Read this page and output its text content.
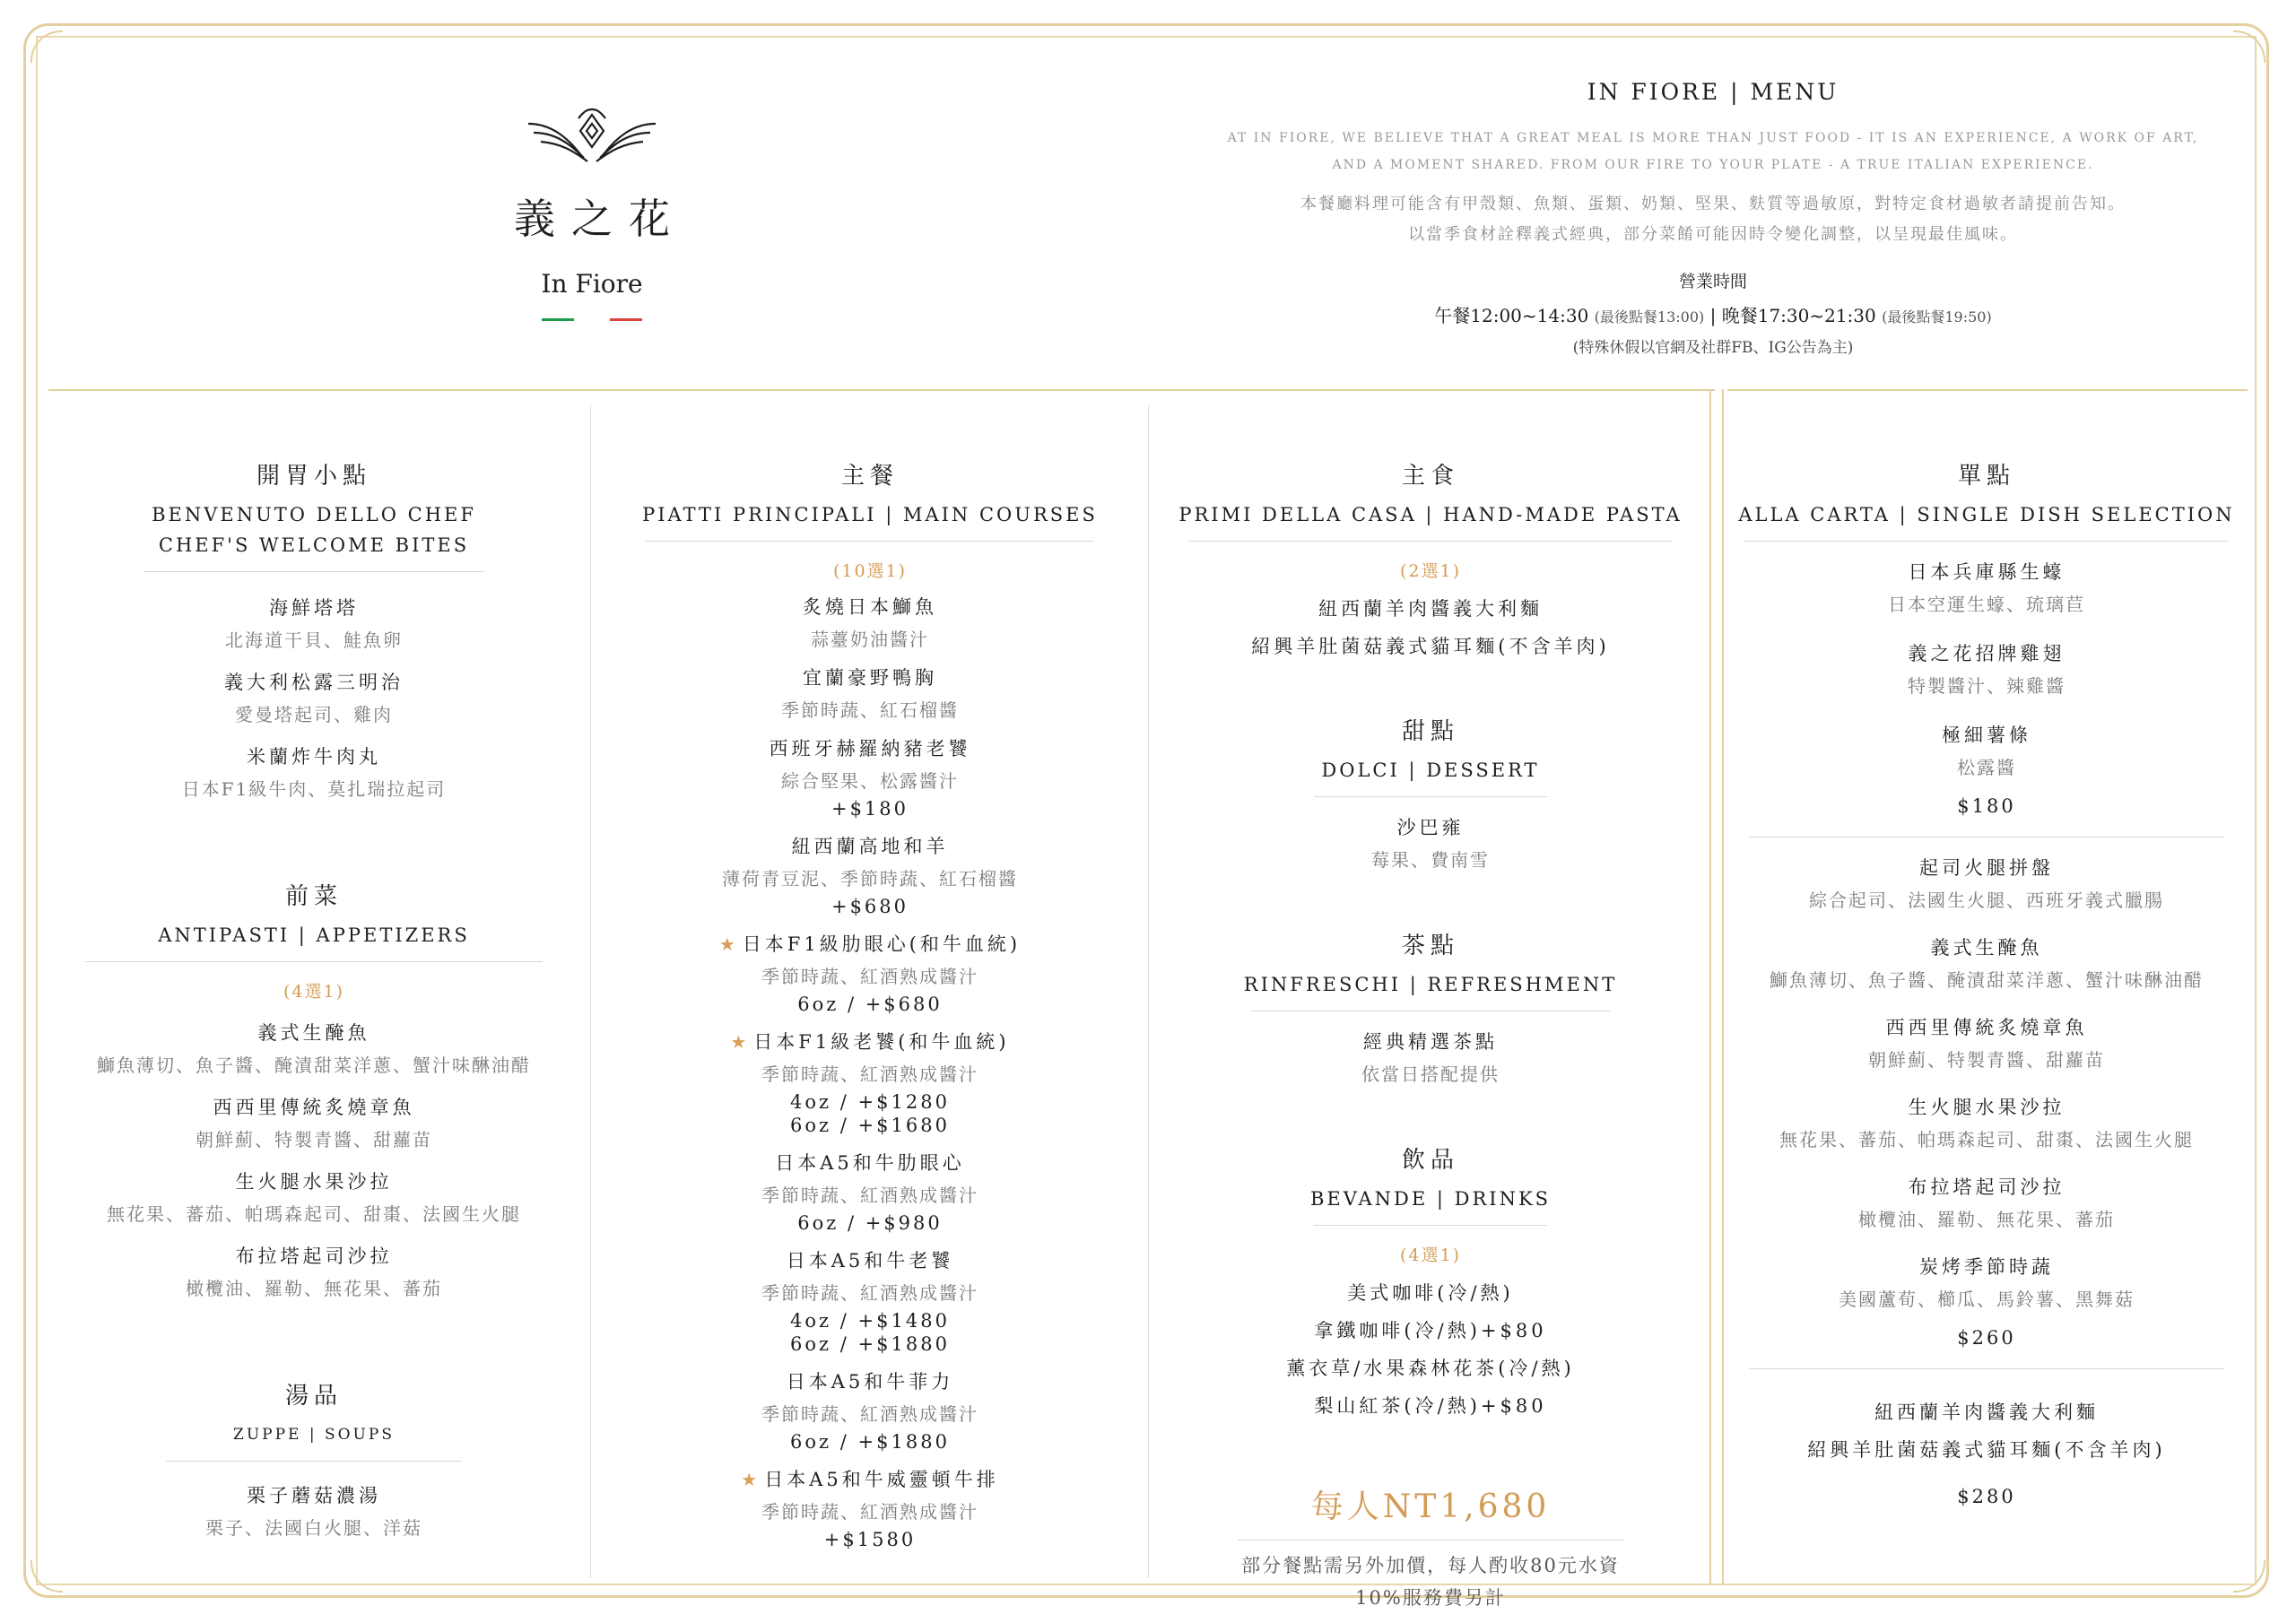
義之花
In Fiore
IN FIORE | MENU
AT IN FIORE, WE BELIEVE THAT A GREAT MEAL IS MORE THAN JUST FOOD - IT IS AN EXPERIENCE, A WORK OF ART,
AND A MOMENT SHARED. FROM OUR FIRE TO YOUR PLATE - A TRUE ITALIAN EXPERIENCE.
本餐廳料理可能含有甲殼類、魚類、蛋類、奶類、堅果、麩質等過敏原，對特定食材過敏者請提前告知。
以當季食材詮釋義式經典，部分菜餚可能因時令變化調整，以呈現最佳風味。
營業時間
午餐12:00~14:30 (最後點餐13:00) | 晚餐17:30~21:30 (最後點餐19:50)
(特殊休假以官網及社群FB、IG公告為主)
開胃小點
BENVENUTO DELLO CHEF
CHEF'S WELCOME BITES
海鮮塔塔
北海道干貝、鮭魚卵
義大利松露三明治
愛曼塔起司、雞肉
米蘭炸牛肉丸
日本F1級牛肉、莫扎瑞拉起司
前菜
ANTIPASTI | APPETIZERS
(4選1)
義式生醃魚
鰤魚薄切、魚子醬、醃漬甜菜洋蔥、蟹汁味醂油醋
西西里傳統炙燒章魚
朝鮮薊、特製青醬、甜蘿苗
生火腿水果沙拉
無花果、蕃茄、帕瑪森起司、甜棗、法國生火腿
布拉塔起司沙拉
橄欖油、羅勒、無花果、蕃茄
湯品
ZUPPE | SOUPS
栗子蘑菇濃湯
栗子、法國白火腿、洋菇
主餐
PIATTI PRINCIPALI | MAIN COURSES
(10選1)
炙燒日本鰤魚
蒜薹奶油醬汁
宜蘭豪野鴨胸
季節時蔬、紅石榴醬
西班牙赫羅納豬老饕
綜合堅果、松露醬汁
+$180
紐西蘭高地和羊
薄荷青豆泥、季節時蔬、紅石榴醬
+$680
★ 日本F1級肋眼心(和牛血統)
季節時蔬、紅酒熟成醬汁
6oz / +$680
★ 日本F1級老饕(和牛血統)
季節時蔬、紅酒熟成醬汁
4oz / +$1280
6oz / +$1680
日本A5和牛肋眼心
季節時蔬、紅酒熟成醬汁
6oz / +$980
日本A5和牛老饕
季節時蔬、紅酒熟成醬汁
4oz / +$1480
6oz / +$1880
日本A5和牛菲力
季節時蔬、紅酒熟成醬汁
6oz / +$1880
★ 日本A5和牛威靈頓牛排
季節時蔬、紅酒熟成醬汁
+$1580
主食
PRIMI DELLA CASA | HAND-MADE PASTA
(2選1)
紐西蘭羊肉醬義大利麵
紹興羊肚菌菇義式貓耳麵(不含羊肉)
甜點
DOLCI | DESSERT
沙巴雍
莓果、費南雪
茶點
RINFRESCHI | REFRESHMENT
經典精選茶點
依當日搭配提供
飲品
BEVANDE | DRINKS
(4選1)
美式咖啡(冷/熱)
拿鐵咖啡(冷/熱)+$80
薰衣草/水果森林花茶(冷/熱)
梨山紅茶(冷/熱)+$80
每人NT1,680
部分餐點需另外加價，每人酌收80元水資
10%服務費另計
單點
ALLA CARTA | SINGLE DISH SELECTION
日本兵庫縣生蠔
日本空運生蠔、琉璃苣
義之花招牌雞翅
特製醬汁、辣雞醬
極細薯條
松露醬
$180
起司火腿拼盤
綜合起司、法國生火腿、西班牙義式臘腸
義式生醃魚
鰤魚薄切、魚子醬、醃漬甜菜洋蔥、蟹汁味醂油醋
西西里傳統炙燒章魚
朝鮮薊、特製青醬、甜蘿苗
生火腿水果沙拉
無花果、蕃茄、帕瑪森起司、甜棗、法國生火腿
布拉塔起司沙拉
橄欖油、羅勒、無花果、蕃茄
炭烤季節時蔬
美國蘆荀、櫛瓜、馬鈴薯、黑舞菇
$260
紐西蘭羊肉醬義大利麵
紹興羊肚菌菇義式貓耳麵(不含羊肉)
$280
